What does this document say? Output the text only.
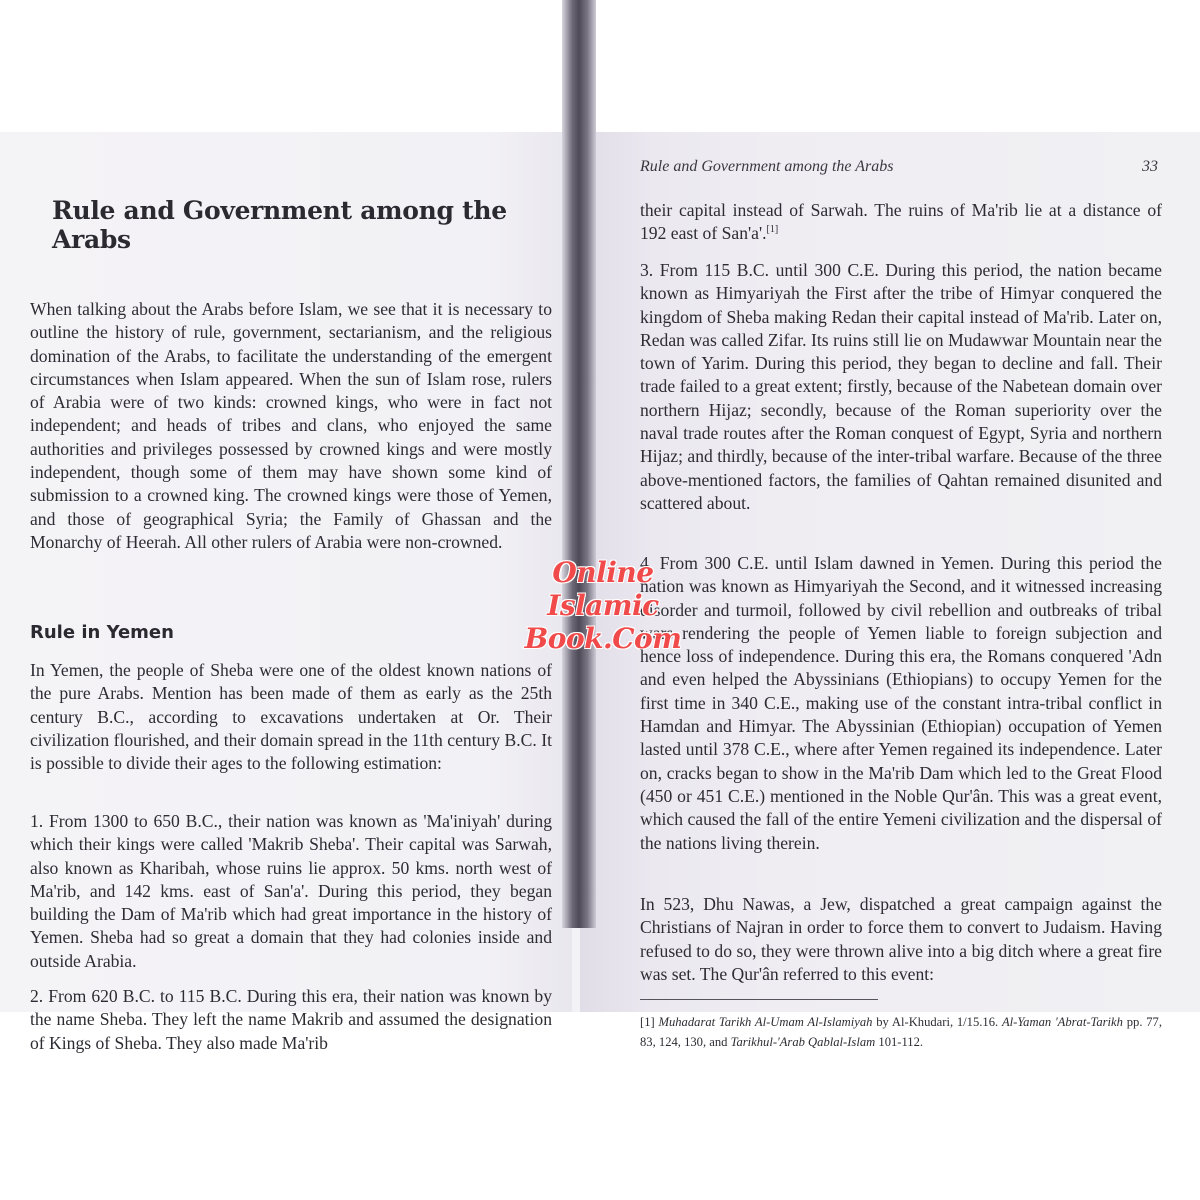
Rule and Government among the Arabs

When talking about the Arabs before Islam, we see that it is necessary to outline the history of rule, government, sectarianism, and the religious domination of the Arabs, to facilitate the understanding of the emergent circumstances when Islam appeared. When the sun of Islam rose, rulers of Arabia were of two kinds: crowned kings, who were in fact not independent; and heads of tribes and clans, who enjoyed the same authorities and privileges possessed by crowned kings and were mostly independent, though some of them may have shown some kind of submission to a crowned king. The crowned kings were those of Yemen, and those of geographical Syria; the Family of Ghassan and the Monarchy of Heerah. All other rulers of Arabia were non-crowned.

Rule in Yemen

In Yemen, the people of Sheba were one of the oldest known nations of the pure Arabs. Mention has been made of them as early as the 25th century B.C., according to excavations undertaken at Or. Their civilization flourished, and their domain spread in the 11th century B.C. It is possible to divide their ages to the following estimation:

1. From 1300 to 650 B.C., their nation was known as 'Ma'iniyah' during which their kings were called 'Makrib Sheba'. Their capital was Sarwah, also known as Kharibah, whose ruins lie approx. 50 kms. north west of Ma'rib, and 142 kms. east of San'a'. During this period, they began building the Dam of Ma'rib which had great importance in the history of Yemen. Sheba had so great a domain that they had colonies inside and outside Arabia.

2. From 620 B.C. to 115 B.C. During this era, their nation was known by the name Sheba. They left the name Makrib and assumed the designation of Kings of Sheba. They also made Ma'rib

Rule and Government among the Arabs	33

their capital instead of Sarwah. The ruins of Ma'rib lie at a distance of 192 east of San'a'.[1]

3. From 115 B.C. until 300 C.E. During this period, the nation became known as Himyariyah the First after the tribe of Himyar conquered the kingdom of Sheba making Redan their capital instead of Ma'rib. Later on, Redan was called Zifar. Its ruins still lie on Mudawwar Mountain near the town of Yarim. During this period, they began to decline and fall. Their trade failed to a great extent; firstly, because of the Nabetean domain over northern Hijaz; secondly, because of the Roman superiority over the naval trade routes after the Roman conquest of Egypt, Syria and northern Hijaz; and thirdly, because of the inter-tribal warfare. Because of the three above-mentioned factors, the families of Qahtan remained disunited and scattered about.

4. From 300 C.E. until Islam dawned in Yemen. During this period the nation was known as Himyariyah the Second, and it witnessed increasing disorder and turmoil, followed by civil rebellion and outbreaks of tribal wars rendering the people of Yemen liable to foreign subjection and hence loss of independence. During this era, the Romans conquered 'Adn and even helped the Abyssinians (Ethiopians) to occupy Yemen for the first time in 340 C.E., making use of the constant intra-tribal conflict in Hamdan and Himyar. The Abyssinian (Ethiopian) occupation of Yemen lasted until 378 C.E., where after Yemen regained its independence. Later on, cracks began to show in the Ma'rib Dam which led to the Great Flood (450 or 451 C.E.) mentioned in the Noble Qur'ân. This was a great event, which caused the fall of the entire Yemeni civilization and the dispersal of the nations living therein.

In 523, Dhu Nawas, a Jew, dispatched a great campaign against the Christians of Najran in order to force them to convert to Judaism. Having refused to do so, they were thrown alive into a big ditch where a great fire was set. The Qur'ân referred to this event:

[1] Muhadarat Tarikh Al-Umam Al-Islamiyah by Al-Khudari, 1/15.16. Al-Yaman 'Abrat-Tarikh pp. 77, 83, 124, 130, and Tarikhul-'Arab Qablal-Islam 101-112.

Online Islamic
Book.Com
